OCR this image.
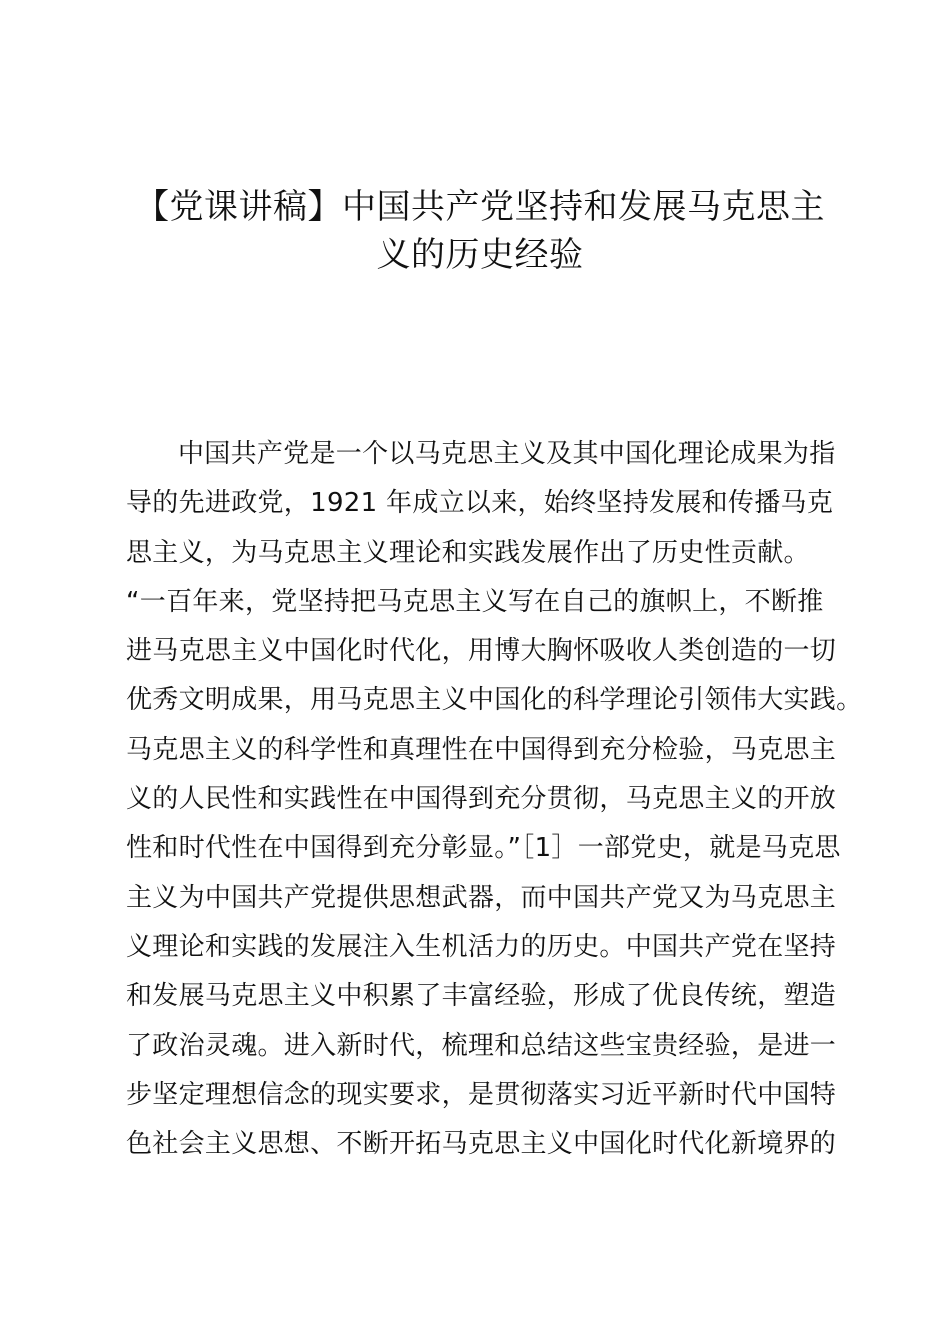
【党课讲稿】中国共产党坚持和发展马克思主
义的历史经验
中国共产党是一个以马克思主义及其中国化理论成果为指
导的先进政党，1921 年成立以来，始终坚持发展和传播马克
思主义，为马克思主义理论和实践发展作出了历史性贡献。
“一百年来，党坚持把马克思主义写在自己的旗帜上，不断推
进马克思主义中国化时代化，用博大胸怀吸收人类创造的一切
优秀文明成果，用马克思主义中国化的科学理论引领伟大实践。
马克思主义的科学性和真理性在中国得到充分检验，马克思主
义的人民性和实践性在中国得到充分贯彻，马克思主义的开放
性和时代性在中国得到充分彰显。”［1］一部党史，就是马克思
主义为中国共产党提供思想武器，而中国共产党又为马克思主
义理论和实践的发展注入生机活力的历史。中国共产党在坚持
和发展马克思主义中积累了丰富经验，形成了优良传统，塑造
了政治灵魂。进入新时代，梳理和总结这些宝贵经验，是进一
步坚定理想信念的现实要求，是贯彻落实习近平新时代中国特
色社会主义思想、不断开拓马克思主义中国化时代化新境界的
